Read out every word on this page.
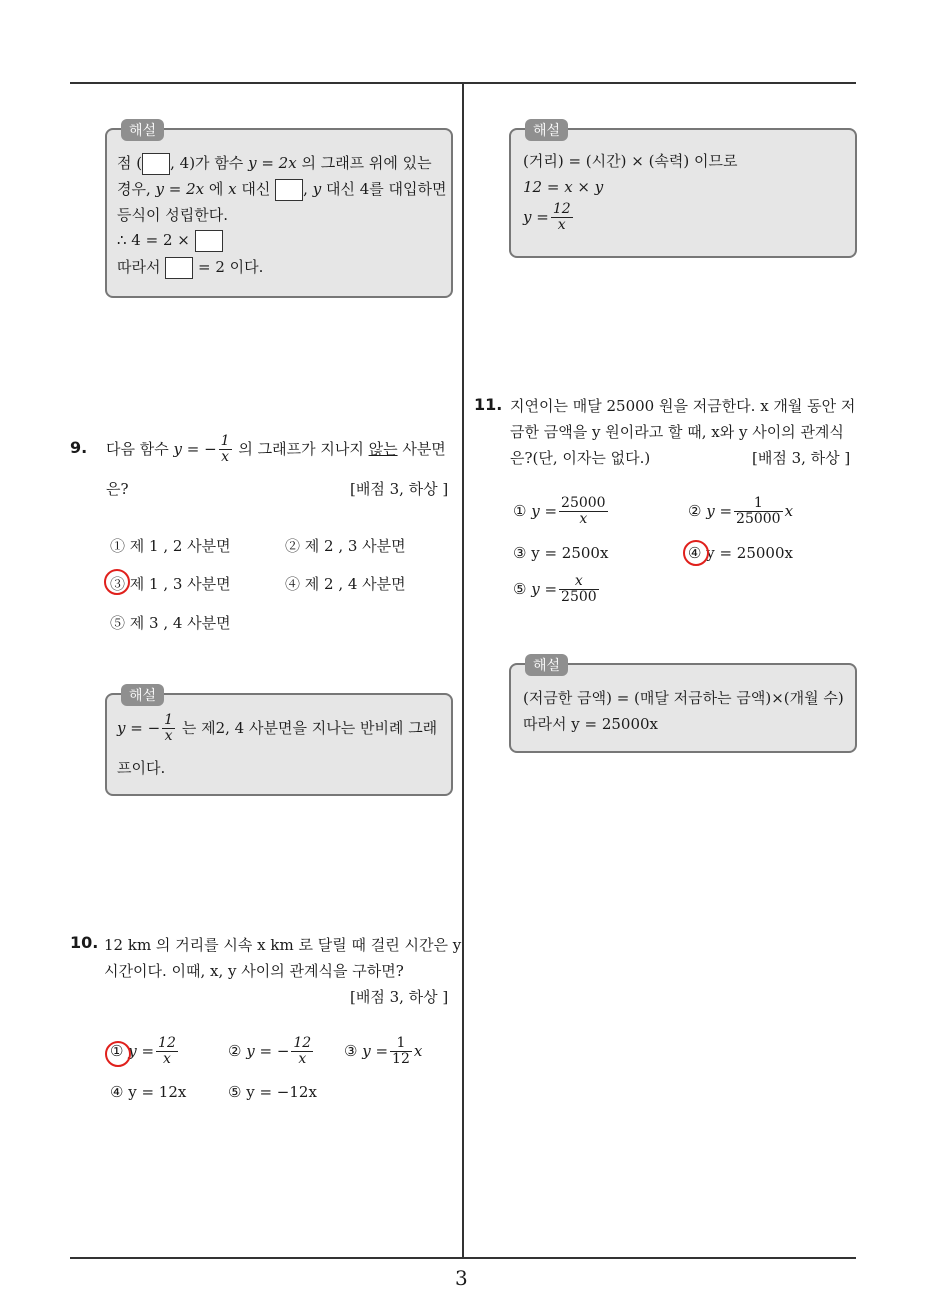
3
해설
점 ( , 4)가 함수 y = 2x 의 그래프 위에 있는
경우, y = 2x 에 x 대신 , y 대신 4를 대입하면
등식이 성립한다.
∴ 4 = 2 ×
따라서  = 2 이다.
9. 다음 함수 y = − $\frac{1}{x}$ 의 그래프가 지나지 않는 사분면
은?	[배점 3, 하상 ]
① 제 1 , 2 사분면	② 제 2 , 3 사분면
③ 제 1 , 3 사분면	④ 제 2 , 4 사분면
⑤ 제 3 , 4 사분면
해설
y = − $\frac{1}{x}$ 는 제2, 4 사분면을 지나는 반비례 그래
프이다.
10. 12 km 의 거리를 시속 x km 로 달릴 때 걸린 시간은 y
시간이다. 이때, x, y 사이의 관계식을 구하면?
[배점 3, 하상 ]
① $y = \frac{12}{x}$	② y = − $\frac{12}{x}$ ③ $y = \frac{1}{12}$ x
④ y = 12x	⑤ y = −12x
해설
(거리) = (시간) × (속력) 이므로
12 = x × y
$y = \frac{12}{x}$
11. 지연이는 매달 25000 원을 저금한다. x 개월 동안 저
금한 금액을 y 원이라고 할 때, x와 y 사이의 관계식
은?(단, 이자는 없다.)	[배점 3, 하상 ]
① $y = \frac{25000}{x}$	② $y = \frac{1}{25000}$ x
③ y = 2500x	④ y = 25000x
⑤ $y = \frac{x}{2500}$
해설
(저금한 금액) = (매달 저금하는 금액)×(개월 수)
따라서 y = 25000x
